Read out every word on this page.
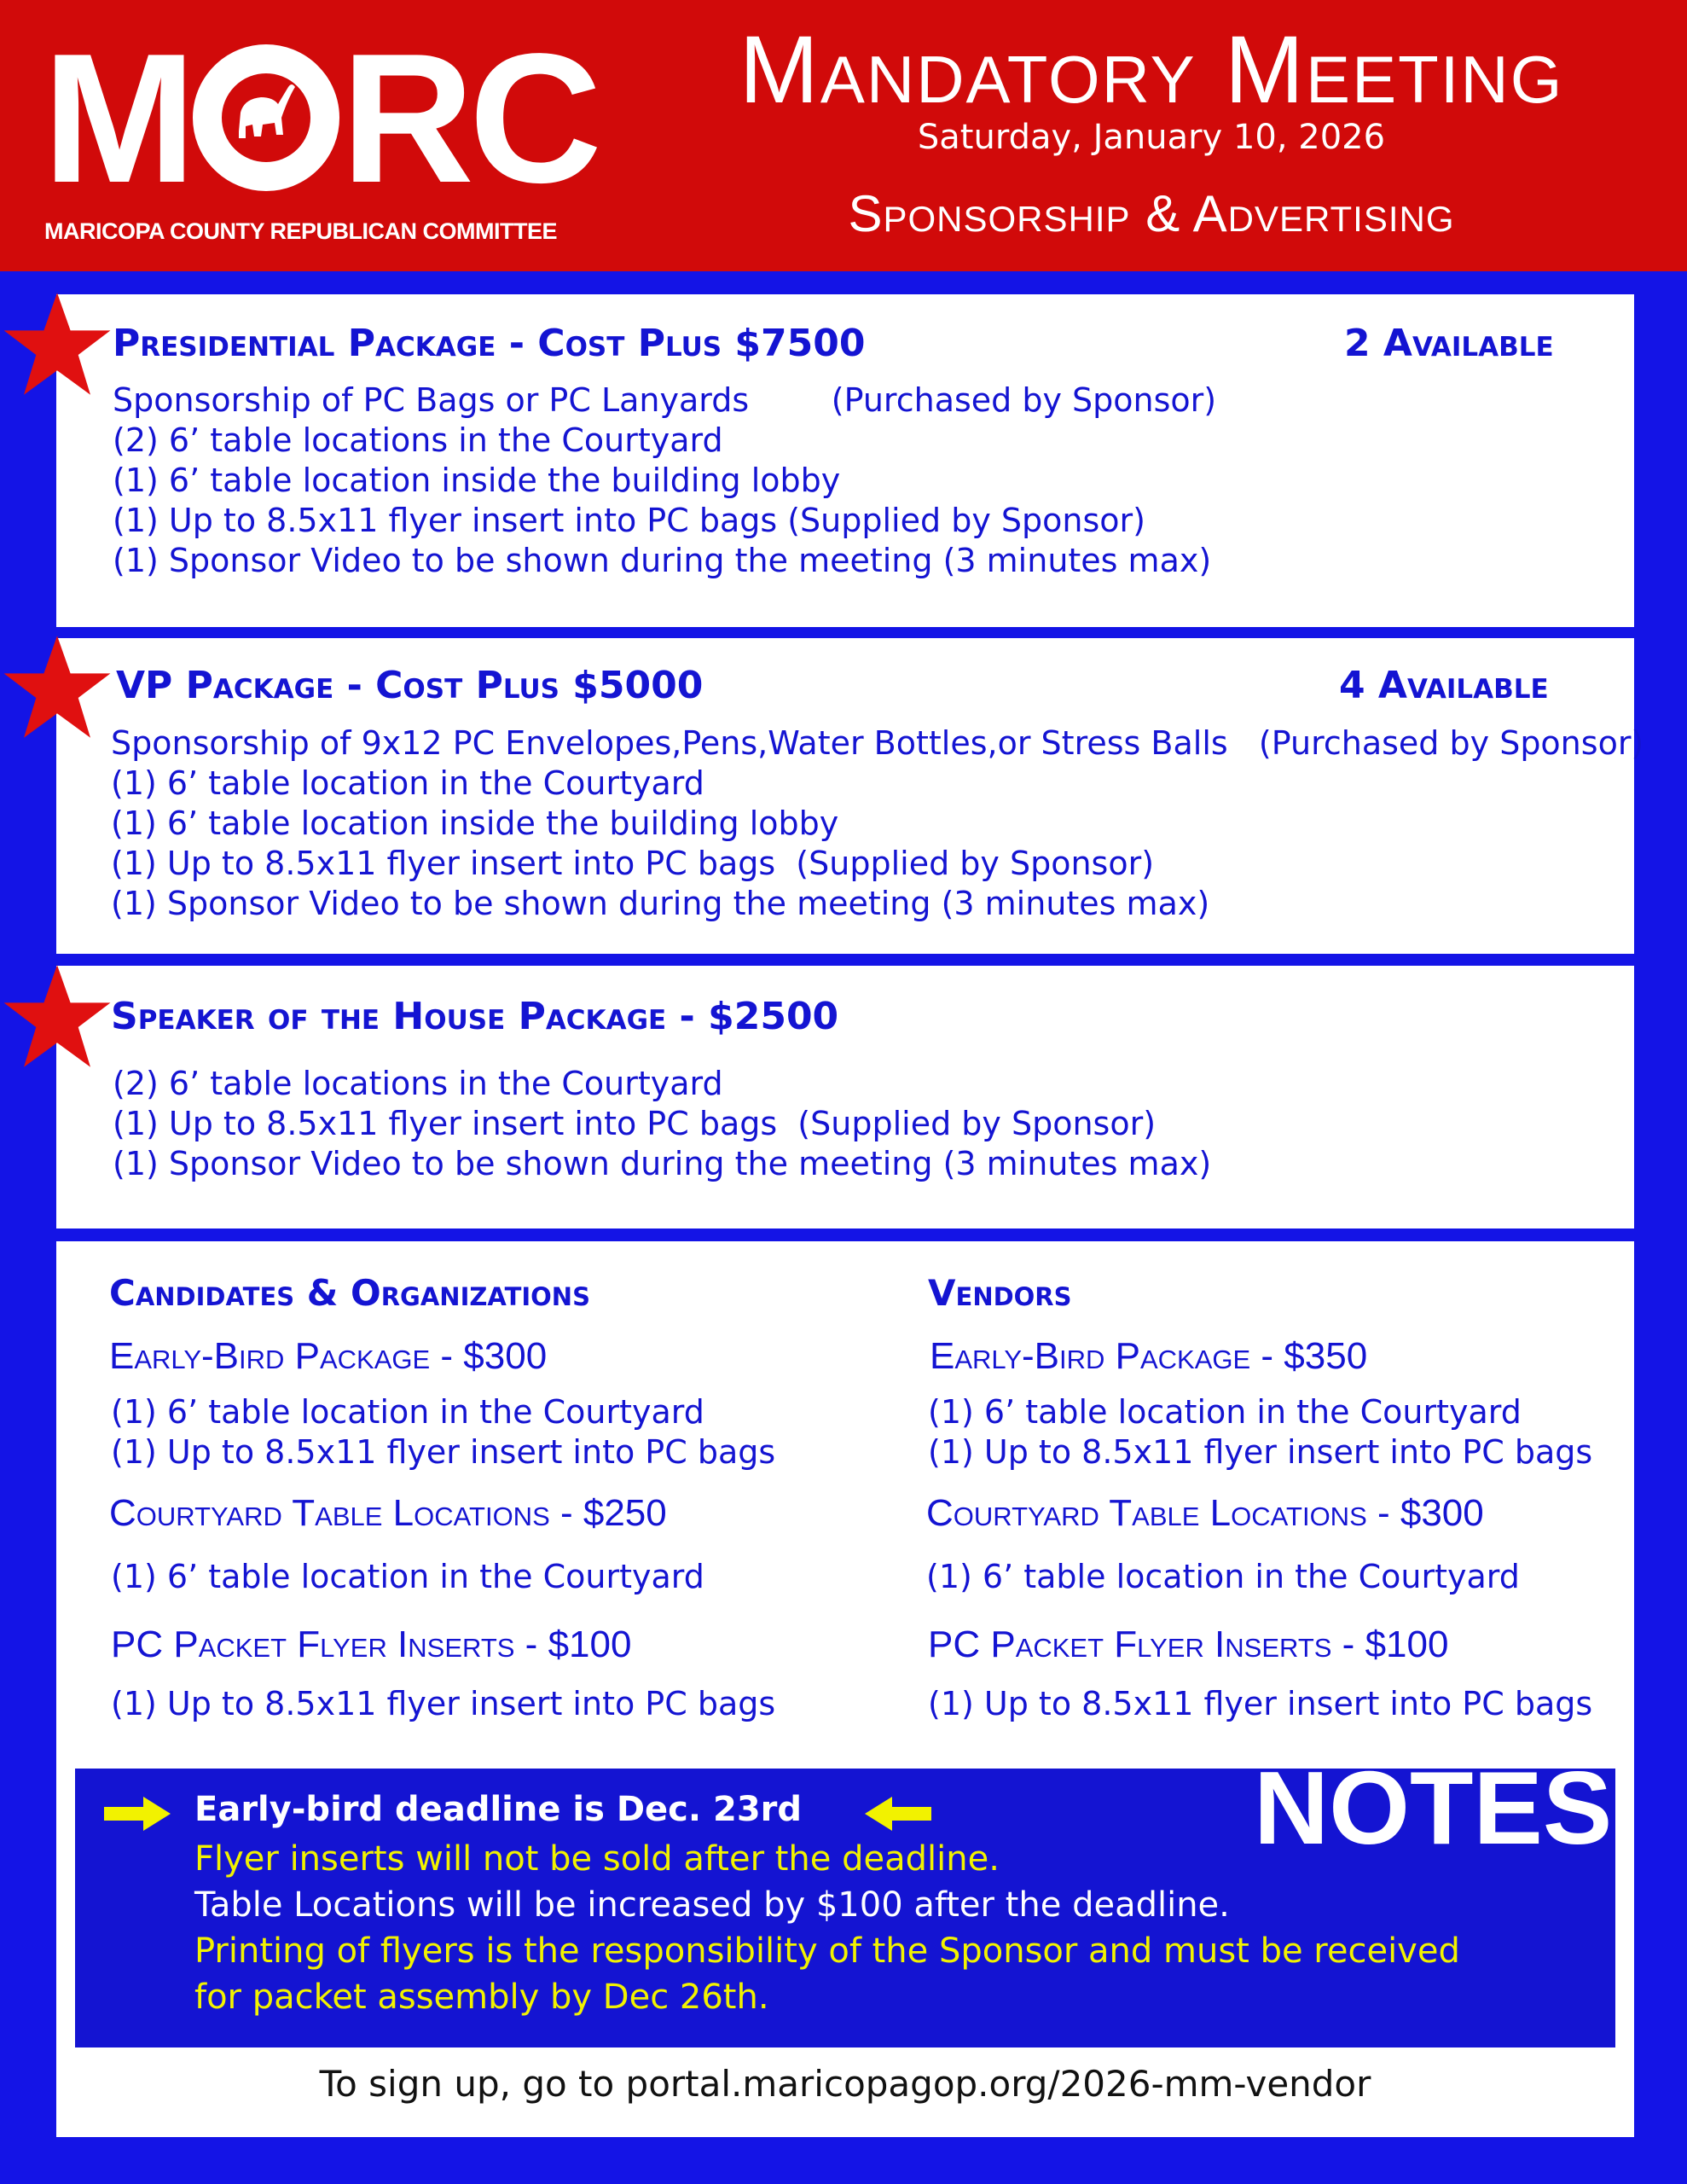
M R C
MARICOPA COUNTY REPUBLICAN COMMITTEE
Mandatory Meeting
Saturday, January 10, 2026
Sponsorship & Advertising
Presidential Package - Cost Plus $7500	2 Available
Sponsorship of PC Bags or PC Lanyards        (Purchased by Sponsor)
(2) 6’ table locations in the Courtyard
(1) 6’ table location inside the building lobby
(1) Up to 8.5x11 flyer insert into PC bags (Supplied by Sponsor)
(1) Sponsor Video to be shown during the meeting (3 minutes max)
VP Package - Cost Plus $5000	4 Available
Sponsorship of 9x12 PC Envelopes,Pens,Water Bottles,or Stress Balls   (Purchased by Sponsor)
(1) 6’ table location in the Courtyard
(1) 6’ table location inside the building lobby
(1) Up to 8.5x11 flyer insert into PC bags  (Supplied by Sponsor)
(1) Sponsor Video to be shown during the meeting (3 minutes max)
Speaker of the House Package - $2500
(2) 6’ table locations in the Courtyard
(1) Up to 8.5x11 flyer insert into PC bags  (Supplied by Sponsor)
(1) Sponsor Video to be shown during the meeting (3 minutes max)
Candidates & Organizations
Early-Bird Package - $300
(1) 6’ table location in the Courtyard
(1) Up to 8.5x11 flyer insert into PC bags
Courtyard Table Locations - $250
(1) 6’ table location in the Courtyard
PC Packet Flyer Inserts - $100
(1) Up to 8.5x11 flyer insert into PC bags
Vendors
Early-Bird Package - $350
(1) 6’ table location in the Courtyard
(1) Up to 8.5x11 flyer insert into PC bags
Courtyard Table Locations - $300
(1) 6’ table location in the Courtyard
PC Packet Flyer Inserts - $100
(1) Up to 8.5x11 flyer insert into PC bags
NOTES
Early-bird deadline is Dec. 23rd
Flyer inserts will not be sold after the deadline.
Table Locations will be increased by $100 after the deadline.
Printing of flyers is the responsibility of the Sponsor and must be received
for packet assembly by Dec 26th.
To sign up, go to portal.maricopagop.org/2026-mm-vendor
